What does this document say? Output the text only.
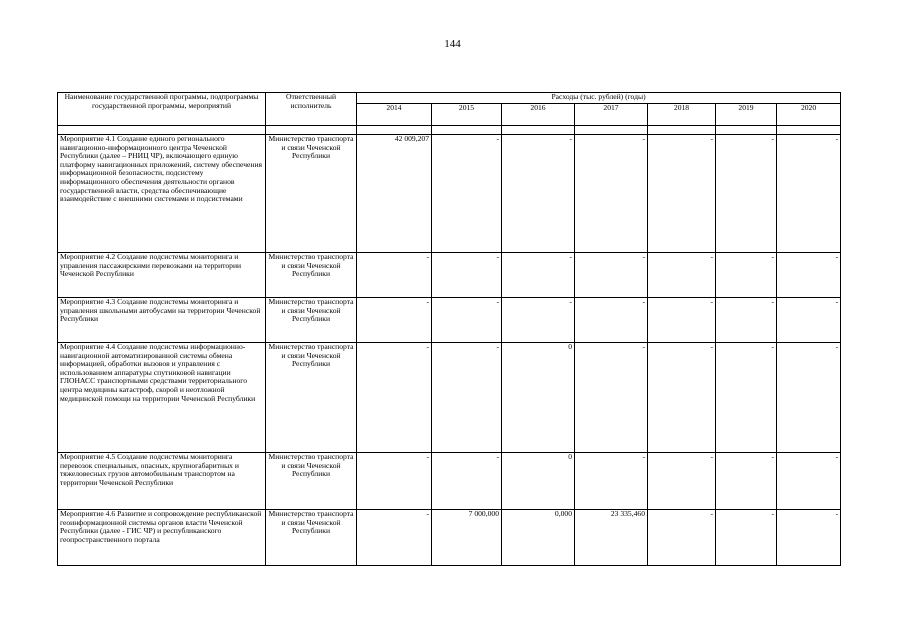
144
Наименование государственной программы, подпрограммы государственной программы, мероприятий	Ответственный исполнитель	Расходы (тыс. рублей) (годы)						
		2014	2015	2016	2017	2018	2019	2020

Мероприятие 4.1 Создание единого регионального навигационно-информационного центра Чеченской Республики (далее – РНИЦ ЧР), включающего единую платформу навигационных приложений, систему обеспечения информационной безопасности, подсистему информационного обеспечения деятельности органов государственной власти, средства обеспечивающие взаимодействие с внешними системами и подсистемами	Министерство транспорта и связи Чеченской Республики	42 009,207	-	-	-	-	-	-
Мероприятие 4.2 Создание подсистемы мониторинга и управления пассажирскими перевозками на территории Чеченской Республики	Министерство транспорта и связи Чеченской Республики	-	-	-	-	-	-	-
Мероприятие 4.3 Создание подсистемы мониторинга и управления школьными автобусами на территории Чеченской Республики	Министерство транспорта и связи Чеченской Республики	-	-	-	-	-	-	-
Мероприятие 4.4 Создание подсистемы информационно-навигационной автоматизированной системы обмена информацией, обработки вызовов и управления с использованием аппаратуры спутниковой навигации ГЛОНАСС транспортными средствами территориального центра медицины катастроф, скорой и неотложной медицинской помощи на территории Чеченской Республики	Министерство транспорта и связи Чеченской Республики	-	-	0	-	-	-	-
Мероприятие 4.5 Создание подсистемы мониторинга перевозок специальных, опасных, крупногабаритных и тяжеловесных грузов автомобильным транспортом на территории Чеченской Республики	Министерство транспорта и связи Чеченской Республики	-	-	0	-	-	-	-
Мероприятие 4.6 Развитие и сопровождение республиканской геоинформационной системы органов власти Чеченской Республики (далее - ГИС ЧР) и республиканского геопространственного портала	Министерство транспорта и связи Чеченской Республики	-	7 000,000	0,000	23 335,460	-	-	-
